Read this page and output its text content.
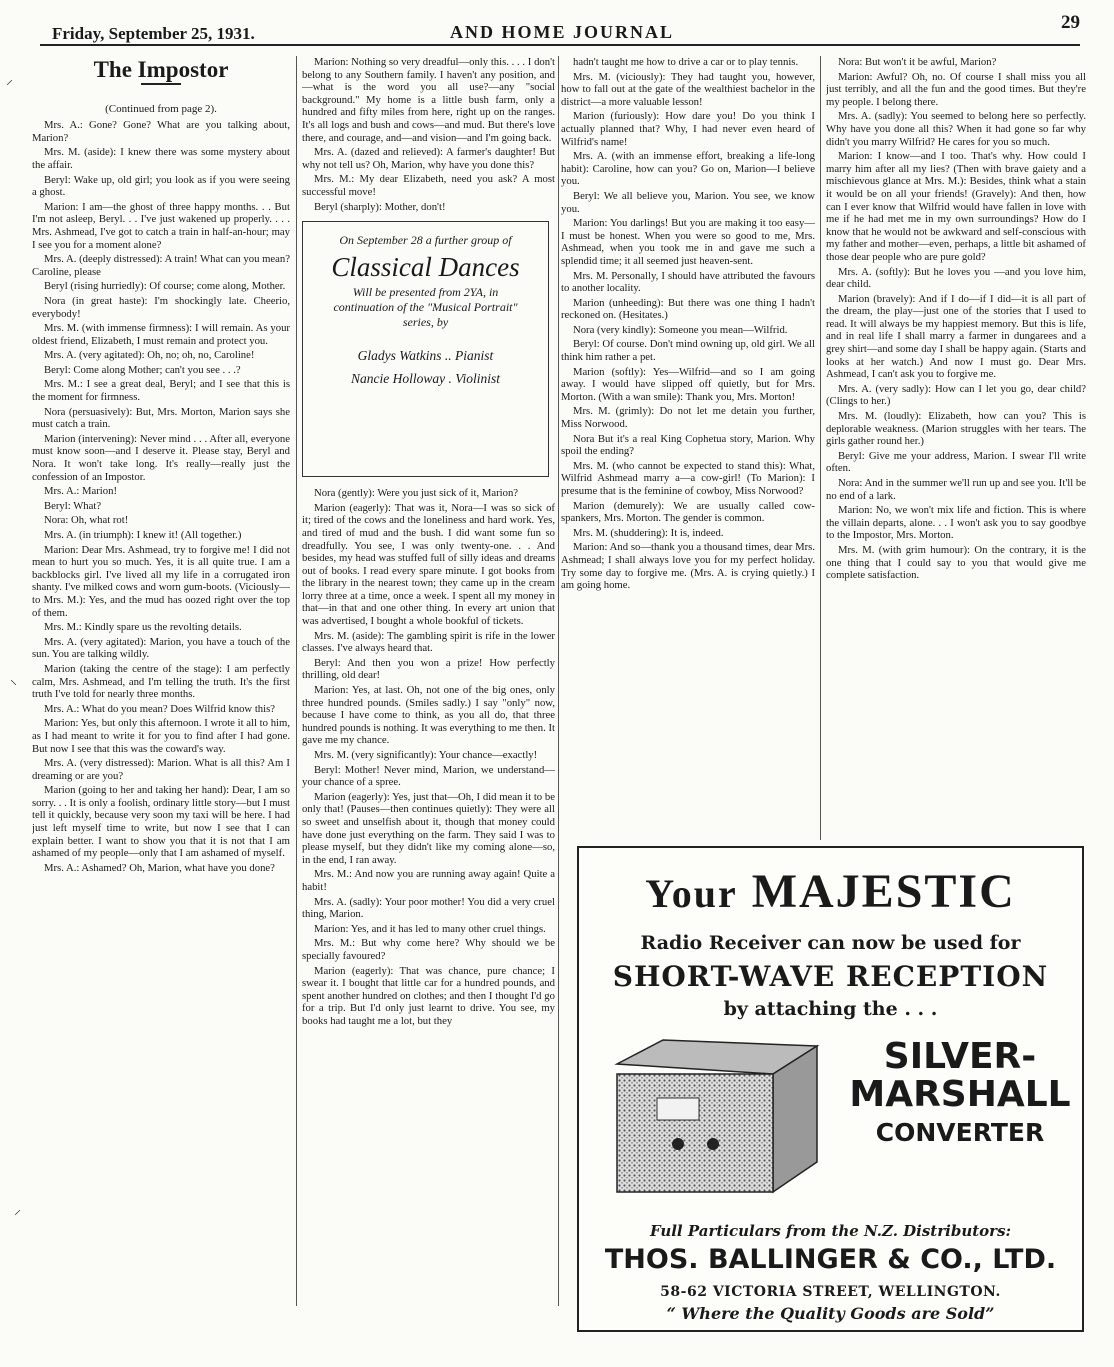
Friday, September 25, 1931.	AND HOME JOURNAL	29
⸝
⸜
⸝
The Impostor
(Continued from page 2).

Mrs. A.: Gone? Gone? What are you talking about, Marion?

Mrs. M. (aside): I knew there was some mystery about the affair.

Beryl: Wake up, old girl; you look as if you were seeing a ghost.

Marion: I am—the ghost of three happy months. . . But I'm not asleep, Beryl. . . I've just wakened up properly. . . . Mrs. Ashmead, I've got to catch a train in half-an-hour; may I see you for a moment alone?

Mrs. A. (deeply distressed): A train! What can you mean? Caroline, please

Beryl (rising hurriedly): Of course; come along, Mother.

Nora (in great haste): I'm shockingly late. Cheerio, everybody!

Mrs. M. (with immense firmness): I will remain. As your oldest friend, Elizabeth, I must remain and protect you.

Mrs. A. (very agitated): Oh, no; oh, no, Caroline!

Beryl: Come along Mother; can't you see . . .?

Mrs. M.: I see a great deal, Beryl; and I see that this is the moment for firmness.

Nora (persuasively): But, Mrs. Morton, Marion says she must catch a train.

Marion (intervening): Never mind . . . After all, everyone must know soon—and I deserve it. Please stay, Beryl and Nora. It won't take long. It's really—really just the confession of an Impostor.

Mrs. A.: Marion!

Beryl: What?

Nora: Oh, what rot!

Mrs. A. (in triumph): I knew it! (All together.)

Marion: Dear Mrs. Ashmead, try to forgive me! I did not mean to hurt you so much. Yes, it is all quite true. I am a backblocks girl. I've lived all my life in a corrugated iron shanty. I've milked cows and worn gum-boots. (Viciously—to Mrs. M.): Yes, and the mud has oozed right over the top of them.

Mrs. M.: Kindly spare us the revolting details.

Mrs. A. (very agitated): Marion, you have a touch of the sun. You are talking wildly.

Marion (taking the centre of the stage): I am perfectly calm, Mrs. Ashmead, and I'm telling the truth. It's the first truth I've told for nearly three months.

Mrs. A.: What do you mean? Does Wilfrid know this?

Marion: Yes, but only this afternoon. I wrote it all to him, as I had meant to write it for you to find after I had gone. But now I see that this was the coward's way.

Mrs. A. (very distressed): Marion. What is all this? Am I dreaming or are you?

Marion (going to her and taking her hand): Dear, I am so sorry. . . It is only a foolish, ordinary little story—but I must tell it quickly, because very soon my taxi will be here. I had just left myself time to write, but now I see that I can explain better. I want to show you that it is not that I am ashamed of my people—only that I am ashamed of myself.

Mrs. A.: Ashamed? Oh, Marion, what have you done?

Marion: Nothing so very dreadful—only this. . . . I don't belong to any Southern family. I haven't any position, and—what is the word you all use?—any "social background." My home is a little bush farm, only a hundred and fifty miles from here, right up on the ranges. It's all logs and bush and cows—and mud. But there's love there, and courage, and—and vision—and I'm going back.

Mrs. A. (dazed and relieved): A farmer's daughter! But why not tell us? Oh, Marion, why have you done this?

Mrs. M.: My dear Elizabeth, need you ask? A most successful move!

Beryl (sharply): Mother, don't!

On September 28 a further group of
Classical Dances
Will be presented from 2YA, in continuation of the "Musical Portrait" series, by
Gladys Watkins .. Pianist
Nancie Holloway . Violinist

Nora (gently): Were you just sick of it, Marion?

Marion (eagerly): That was it, Nora—I was so sick of it; tired of the cows and the loneliness and hard work. Yes, and tired of mud and the bush. I did want some fun so dreadfully. You see, I was only twenty-one. . . And besides, my head was stuffed full of silly ideas and dreams out of books. I read every spare minute. I got books from the library in the nearest town; they came up in the cream lorry three at a time, once a week. I spent all my money in that—in that and one other thing. In every art union that was advertised, I bought a whole bookful of tickets.

Mrs. M. (aside): The gambling spirit is rife in the lower classes. I've always heard that.

Beryl: And then you won a prize! How perfectly thrilling, old dear!

Marion: Yes, at last. Oh, not one of the big ones, only three hundred pounds. (Smiles sadly.) I say "only" now, because I have come to think, as you all do, that three hundred pounds is nothing. It was everything to me then. It gave me my chance.

Mrs. M. (very significantly): Your chance—exactly!

Beryl: Mother! Never mind, Marion, we understand—your chance of a spree.

Marion (eagerly): Yes, just that—Oh, I did mean it to be only that! (Pauses—then continues quietly): They were all so sweet and unselfish about it, though that money could have done just everything on the farm. They said I was to please myself, but they didn't like my coming alone—so, in the end, I ran away.

Mrs. M.: And now you are running away again! Quite a habit!

Mrs. A. (sadly): Your poor mother! You did a very cruel thing, Marion.

Marion: Yes, and it has led to many other cruel things.

Mrs. M.: But why come here? Why should we be specially favoured?

Marion (eagerly): That was chance, pure chance; I swear it. I bought that little car for a hundred pounds, and spent another hundred on clothes; and then I thought I'd go for a trip. But I'd only just learnt to drive. You see, my books had taught me a lot, but they

hadn't taught me how to drive a car or to play tennis.

Mrs. M. (viciously): They had taught you, however, how to fall out at the gate of the wealthiest bachelor in the district—a more valuable lesson!

Marion (furiously): How dare you! Do you think I actually planned that? Why, I had never even heard of Wilfrid's name!

Mrs. A. (with an immense effort, breaking a life-long habit): Caroline, how can you? Go on, Marion—I believe you.

Beryl: We all believe you, Marion. You see, we know you.

Marion: You darlings! But you are making it too easy—I must be honest. When you were so good to me, Mrs. Ashmead, when you took me in and gave me such a splendid time; it all seemed just heaven-sent.

Mrs. M. Personally, I should have attributed the favours to another locality.

Marion (unheeding): But there was one thing I hadn't reckoned on. (Hesitates.)

Nora (very kindly): Someone you mean—Wilfrid.

Beryl: Of course. Don't mind owning up, old girl. We all think him rather a pet.

Marion (softly): Yes—Wilfrid—and so I am going away. I would have slipped off quietly, but for Mrs. Morton. (With a wan smile): Thank you, Mrs. Morton!

Mrs. M. (grimly): Do not let me detain you further, Miss Norwood.

Nora But it's a real King Cophetua story, Marion. Why spoil the ending?

Mrs. M. (who cannot be expected to stand this): What, Wilfrid Ashmead marry a—a cow-girl! (To Marion): I presume that is the feminine of cowboy, Miss Norwood?

Marion (demurely): We are usually called cow-spankers, Mrs. Morton. The gender is common.

Mrs. M. (shuddering): It is, indeed.

Marion: And so—thank you a thousand times, dear Mrs. Ashmead; I shall always love you for my perfect holiday. Try some day to forgive me. (Mrs. A. is crying quietly.) I am going home.

Nora: But won't it be awful, Marion?

Marion: Awful? Oh, no. Of course I shall miss you all just terribly, and all the fun and the good times. But they're my people. I belong there.

Mrs. A. (sadly): You seemed to belong here so perfectly. Why have you done all this? When it had gone so far why didn't you marry Wilfrid? He cares for you so much.

Marion: I know—and I too. That's why. How could I marry him after all my lies? (Then with brave gaiety and a mischievous glance at Mrs. M.): Besides, think what a stain it would be on all your friends! (Gravely): And then, how can I ever know that Wilfrid would have fallen in love with me if he had met me in my own surroundings? How do I know that he would not be awkward and self-conscious with my father and mother—even, perhaps, a little bit ashamed of those dear people who are pure gold?

Mrs. A. (softly): But he loves you —and you love him, dear child.

Marion (bravely): And if I do—if I did—it is all part of the dream, the play—just one of the stories that I used to read. It will always be my happiest memory. But this is life, and in real life I shall marry a farmer in dungarees and a grey shirt—and some day I shall be happy again. (Starts and looks at her watch.) And now I must go. Dear Mrs. Ashmead, I can't ask you to forgive me.

Mrs. A. (very sadly): How can I let you go, dear child? (Clings to her.)

Mrs. M. (loudly): Elizabeth, how can you? This is deplorable weakness. (Marion struggles with her tears. The girls gather round her.)

Beryl: Give me your address, Marion. I swear I'll write often.

Nora: And in the summer we'll run up and see you. It'll be no end of a lark.

Marion: No, we won't mix life and fiction. This is where the villain departs, alone. . . I won't ask you to say goodbye to the Impostor, Mrs. Morton.

Mrs. M. (with grim humour): On the contrary, it is the one thing that I could say to you that would give me complete satisfaction.

Your MAJESTIC
Radio Receiver can now be used for
SHORT-WAVE RECEPTION
by attaching the . . .
SILVER-
MARSHALL
CONVERTER
Full Particulars from the N.Z. Distributors:
THOS. BALLINGER & CO., LTD.
58-62 VICTORIA STREET, WELLINGTON.
“ Where the Quality Goods are Sold”
